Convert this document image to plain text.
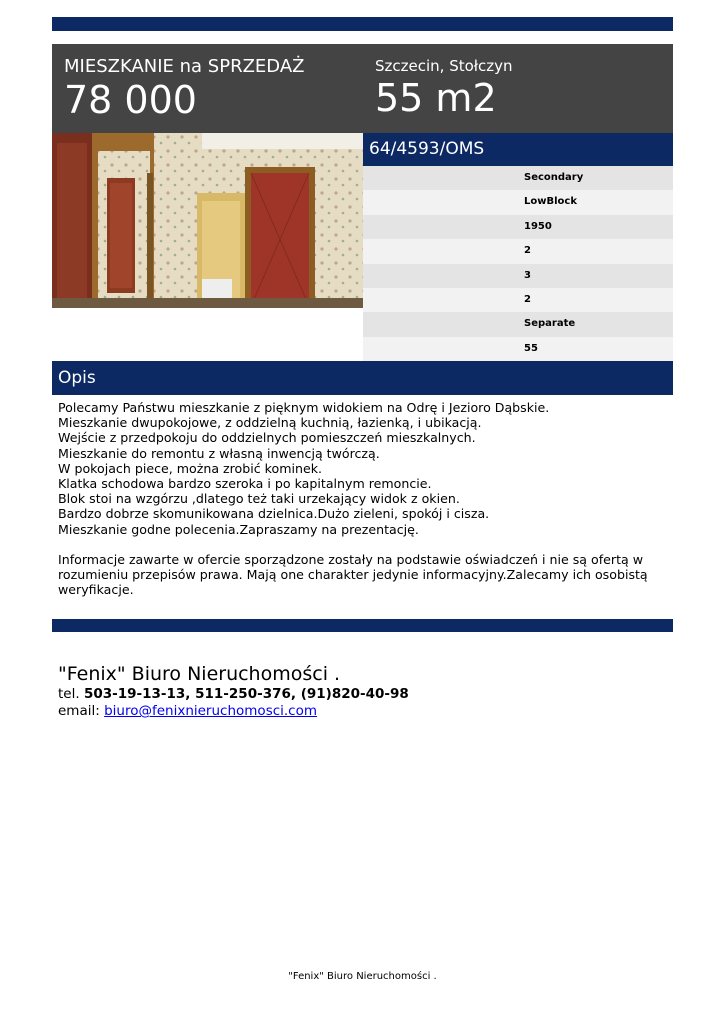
MIESZKANIE na SPRZEDAŻ
78 000
Szczecin, Stołczyn
55 m2
64/4593/OMS
Secondary
LowBlock
1950
2
3
2
Separate
55
Opis
Polecamy Państwu mieszkanie z pięknym widokiem na Odrę i Jezioro Dąbskie.
Mieszkanie dwupokojowe, z oddzielną kuchnią, łazienką, i ubikacją.
Wejście z przedpokoju do oddzielnych pomieszczeń mieszkalnych.
Mieszkanie do remontu z własną inwencją twórczą.
W pokojach piece, można zrobić kominek.
Klatka schodowa bardzo szeroka i po kapitalnym remoncie.
Blok stoi na wzgórzu ,dlatego też taki urzekający widok z okien.
Bardzo dobrze skomunikowana dzielnica.Dużo zieleni, spokój i cisza.
Mieszkanie godne polecenia.Zapraszamy na prezentację.
Informacje zawarte w ofercie sporządzone zostały na podstawie oświadczeń i nie są ofertą w rozumieniu przepisów prawa. Mają one charakter jedynie informacyjny.Zalecamy ich osobistą weryfikacje.
"Fenix" Biuro Nieruchomości .
tel. 503-19-13-13, 511-250-376, (91)820-40-98
email: biuro@fenixnieruchomosci.com
"Fenix" Biuro Nieruchomości .
